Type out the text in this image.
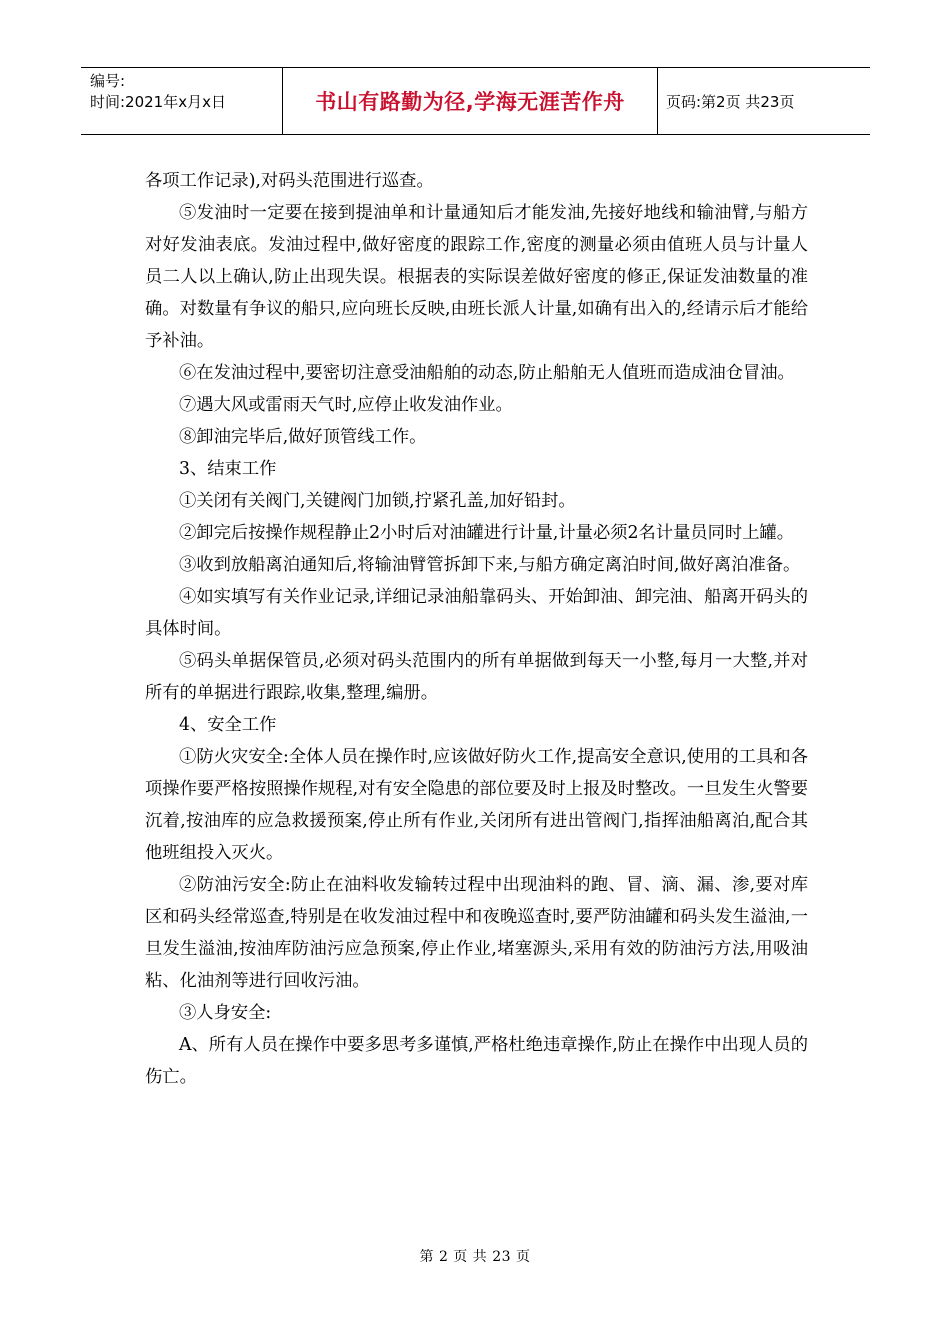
编号:
时间:2021年x月x日	书山有路勤为径,学海无涯苦作舟	页码:第2页 共23页

各项工作记录),对码头范围进行巡查。

⑤发油时一定要在接到提油单和计量通知后才能发油,先接好地线和输油臂,与船方对好发油表底。发油过程中,做好密度的跟踪工作,密度的测量必须由值班人员与计量人员二人以上确认,防止出现失误。根据表的实际误差做好密度的修正,保证发油数量的准确。对数量有争议的船只,应向班长反映,由班长派人计量,如确有出入的,经请示后才能给予补油。

⑥在发油过程中,要密切注意受油船舶的动态,防止船舶无人值班而造成油仓冒油。

⑦遇大风或雷雨天气时,应停止收发油作业。

⑧卸油完毕后,做好顶管线工作。

3、结束工作

①关闭有关阀门,关键阀门加锁,拧紧孔盖,加好铅封。

②卸完后按操作规程静止2小时后对油罐进行计量,计量必须2名计量员同时上罐。

③收到放船离泊通知后,将输油臂管拆卸下来,与船方确定离泊时间,做好离泊准备。

④如实填写有关作业记录,详细记录油船靠码头、开始卸油、卸完油、船离开码头的具体时间。

⑤码头单据保管员,必须对码头范围内的所有单据做到每天一小整,每月一大整,并对所有的单据进行跟踪,收集,整理,编册。

4、安全工作

①防火灾安全:全体人员在操作时,应该做好防火工作,提高安全意识,使用的工具和各项操作要严格按照操作规程,对有安全隐患的部位要及时上报及时整改。一旦发生火警要沉着,按油库的应急救援预案,停止所有作业,关闭所有进出管阀门,指挥油船离泊,配合其他班组投入灭火。

②防油污安全:防止在油料收发输转过程中出现油料的跑、冒、滴、漏、渗,要对库区和码头经常巡查,特别是在收发油过程中和夜晚巡查时,要严防油罐和码头发生溢油,一旦发生溢油,按油库防油污应急预案,停止作业,堵塞源头,采用有效的防油污方法,用吸油粘、化油剂等进行回收污油。

③人身安全:

A、所有人员在操作中要多思考多谨慎,严格杜绝违章操作,防止在操作中出现人员的伤亡。

第 2 页 共 23 页
